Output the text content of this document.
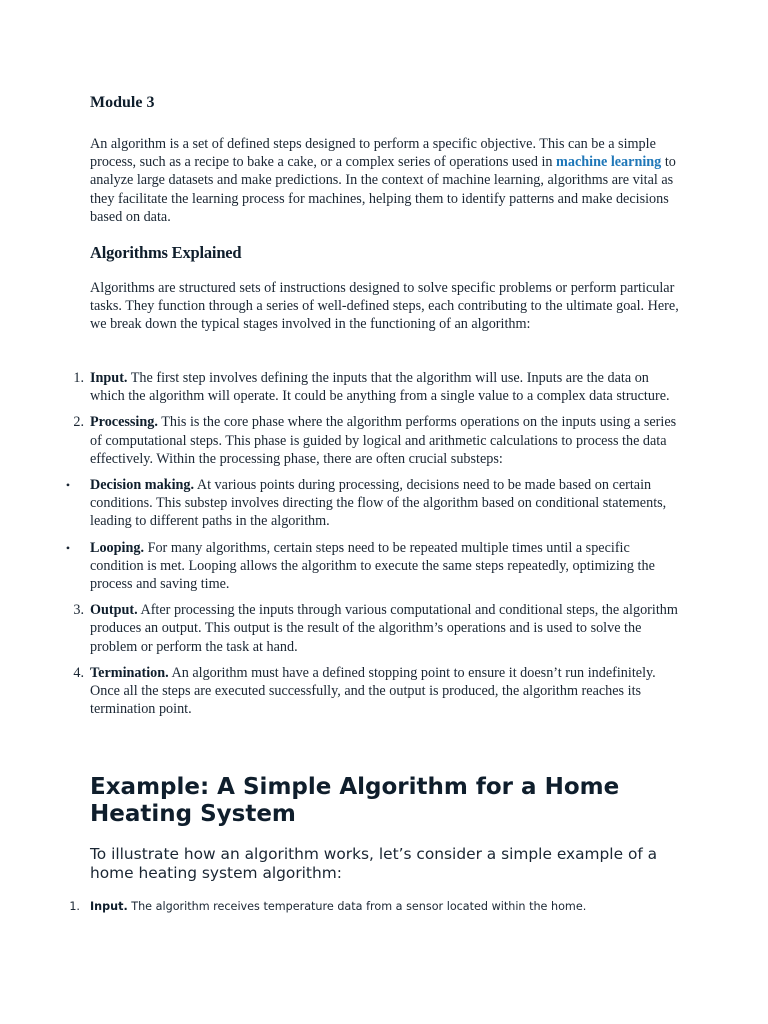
Module 3

An algorithm is a set of defined steps designed to perform a specific objective. This can be a simple process, such as a recipe to bake a cake, or a complex series of operations used in machine learning to analyze large datasets and make predictions. In the context of machine learning, algorithms are vital as they facilitate the learning process for machines, helping them to identify patterns and make decisions based on data.

Algorithms Explained

Algorithms are structured sets of instructions designed to solve specific problems or perform particular tasks. They function through a series of well-defined steps, each contributing to the ultimate goal. Here, we break down the typical stages involved in the functioning of an algorithm:

1. Input. The first step involves defining the inputs that the algorithm will use. Inputs are the data on which the algorithm will operate. It could be anything from a single value to a complex data structure.
2. Processing. This is the core phase where the algorithm performs operations on the inputs using a series of computational steps. This phase is guided by logical and arithmetic calculations to process the data effectively. Within the processing phase, there are often crucial substeps:
•	Decision making. At various points during processing, decisions need to be made based on certain conditions. This substep involves directing the flow of the algorithm based on conditional statements, leading to different paths in the algorithm.
•	Looping. For many algorithms, certain steps need to be repeated multiple times until a specific condition is met. Looping allows the algorithm to execute the same steps repeatedly, optimizing the process and saving time.
3. Output. After processing the inputs through various computational and conditional steps, the algorithm produces an output. This output is the result of the algorithm’s operations and is used to solve the problem or perform the task at hand.
4. Termination. An algorithm must have a defined stopping point to ensure it doesn’t run indefinitely. Once all the steps are executed successfully, and the output is produced, the algorithm reaches its termination point.
Example: A Simple Algorithm for a Home Heating System

To illustrate how an algorithm works, let’s consider a simple example of a home heating system algorithm:

1. Input. The algorithm receives temperature data from a sensor located within the home.
